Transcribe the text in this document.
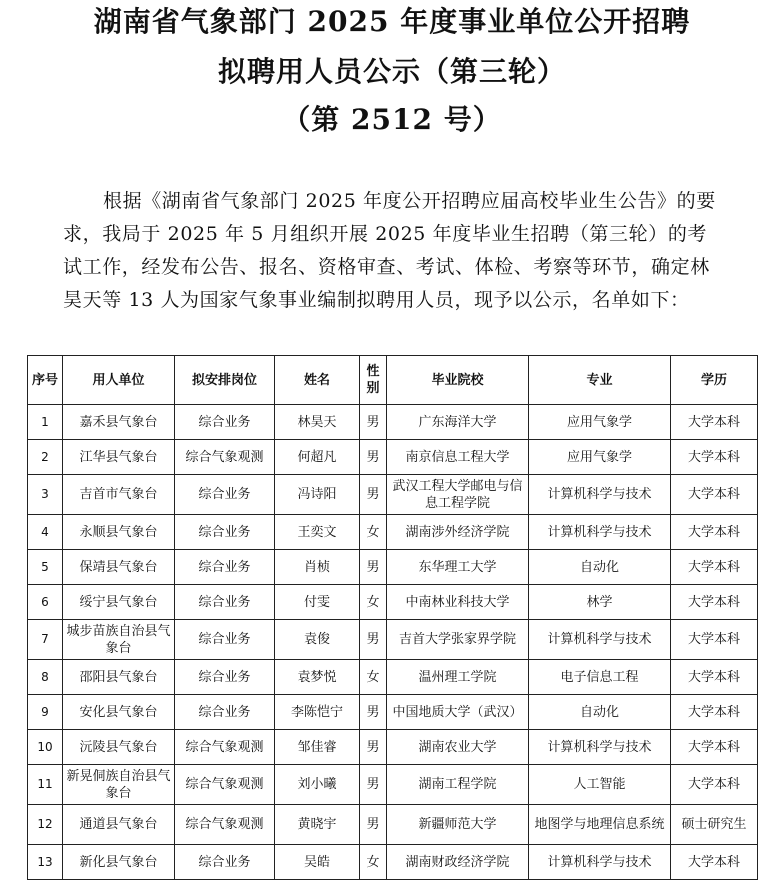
湖南省气象部门 2025 年度事业单位公开招聘
拟聘用人员公示（第三轮）
（第 2512 号）

根据《湖南省气象部门 2025 年度公开招聘应届高校毕业生公告》的要求，我局于 2025 年 5 月组织开展 2025 年度毕业生招聘（第三轮）的考试工作，经发布公告、报名、资格审查、考试、体检、考察等环节，确定林昊天等 13 人为国家气象事业编制拟聘用人员，现予以公示，名单如下：

序号	用人单位	拟安排岗位	姓名	性别	毕业院校	专业	学历
1	嘉禾县气象台	综合业务	林昊天	男	广东海洋大学	应用气象学	大学本科
2	江华县气象台	综合气象观测	何超凡	男	南京信息工程大学	应用气象学	大学本科
3	吉首市气象台	综合业务	冯诗阳	男	武汉工程大学邮电与信息工程学院	计算机科学与技术	大学本科
4	永顺县气象台	综合业务	王奕文	女	湖南涉外经济学院	计算机科学与技术	大学本科
5	保靖县气象台	综合业务	肖桢	男	东华理工大学	自动化	大学本科
6	绥宁县气象台	综合业务	付雯	女	中南林业科技大学	林学	大学本科
7	城步苗族自治县气象台	综合业务	袁俊	男	吉首大学张家界学院	计算机科学与技术	大学本科
8	邵阳县气象台	综合业务	袁梦悦	女	温州理工学院	电子信息工程	大学本科
9	安化县气象台	综合业务	李陈恺宁	男	中国地质大学（武汉）	自动化	大学本科
10	沅陵县气象台	综合气象观测	邹佳睿	男	湖南农业大学	计算机科学与技术	大学本科
11	新晃侗族自治县气象台	综合气象观测	刘小曦	男	湖南工程学院	人工智能	大学本科
12	通道县气象台	综合气象观测	黄晓宇	男	新疆师范大学	地图学与地理信息系统	硕士研究生
13	新化县气象台	综合业务	吴皓	女	湖南财政经济学院	计算机科学与技术	大学本科
